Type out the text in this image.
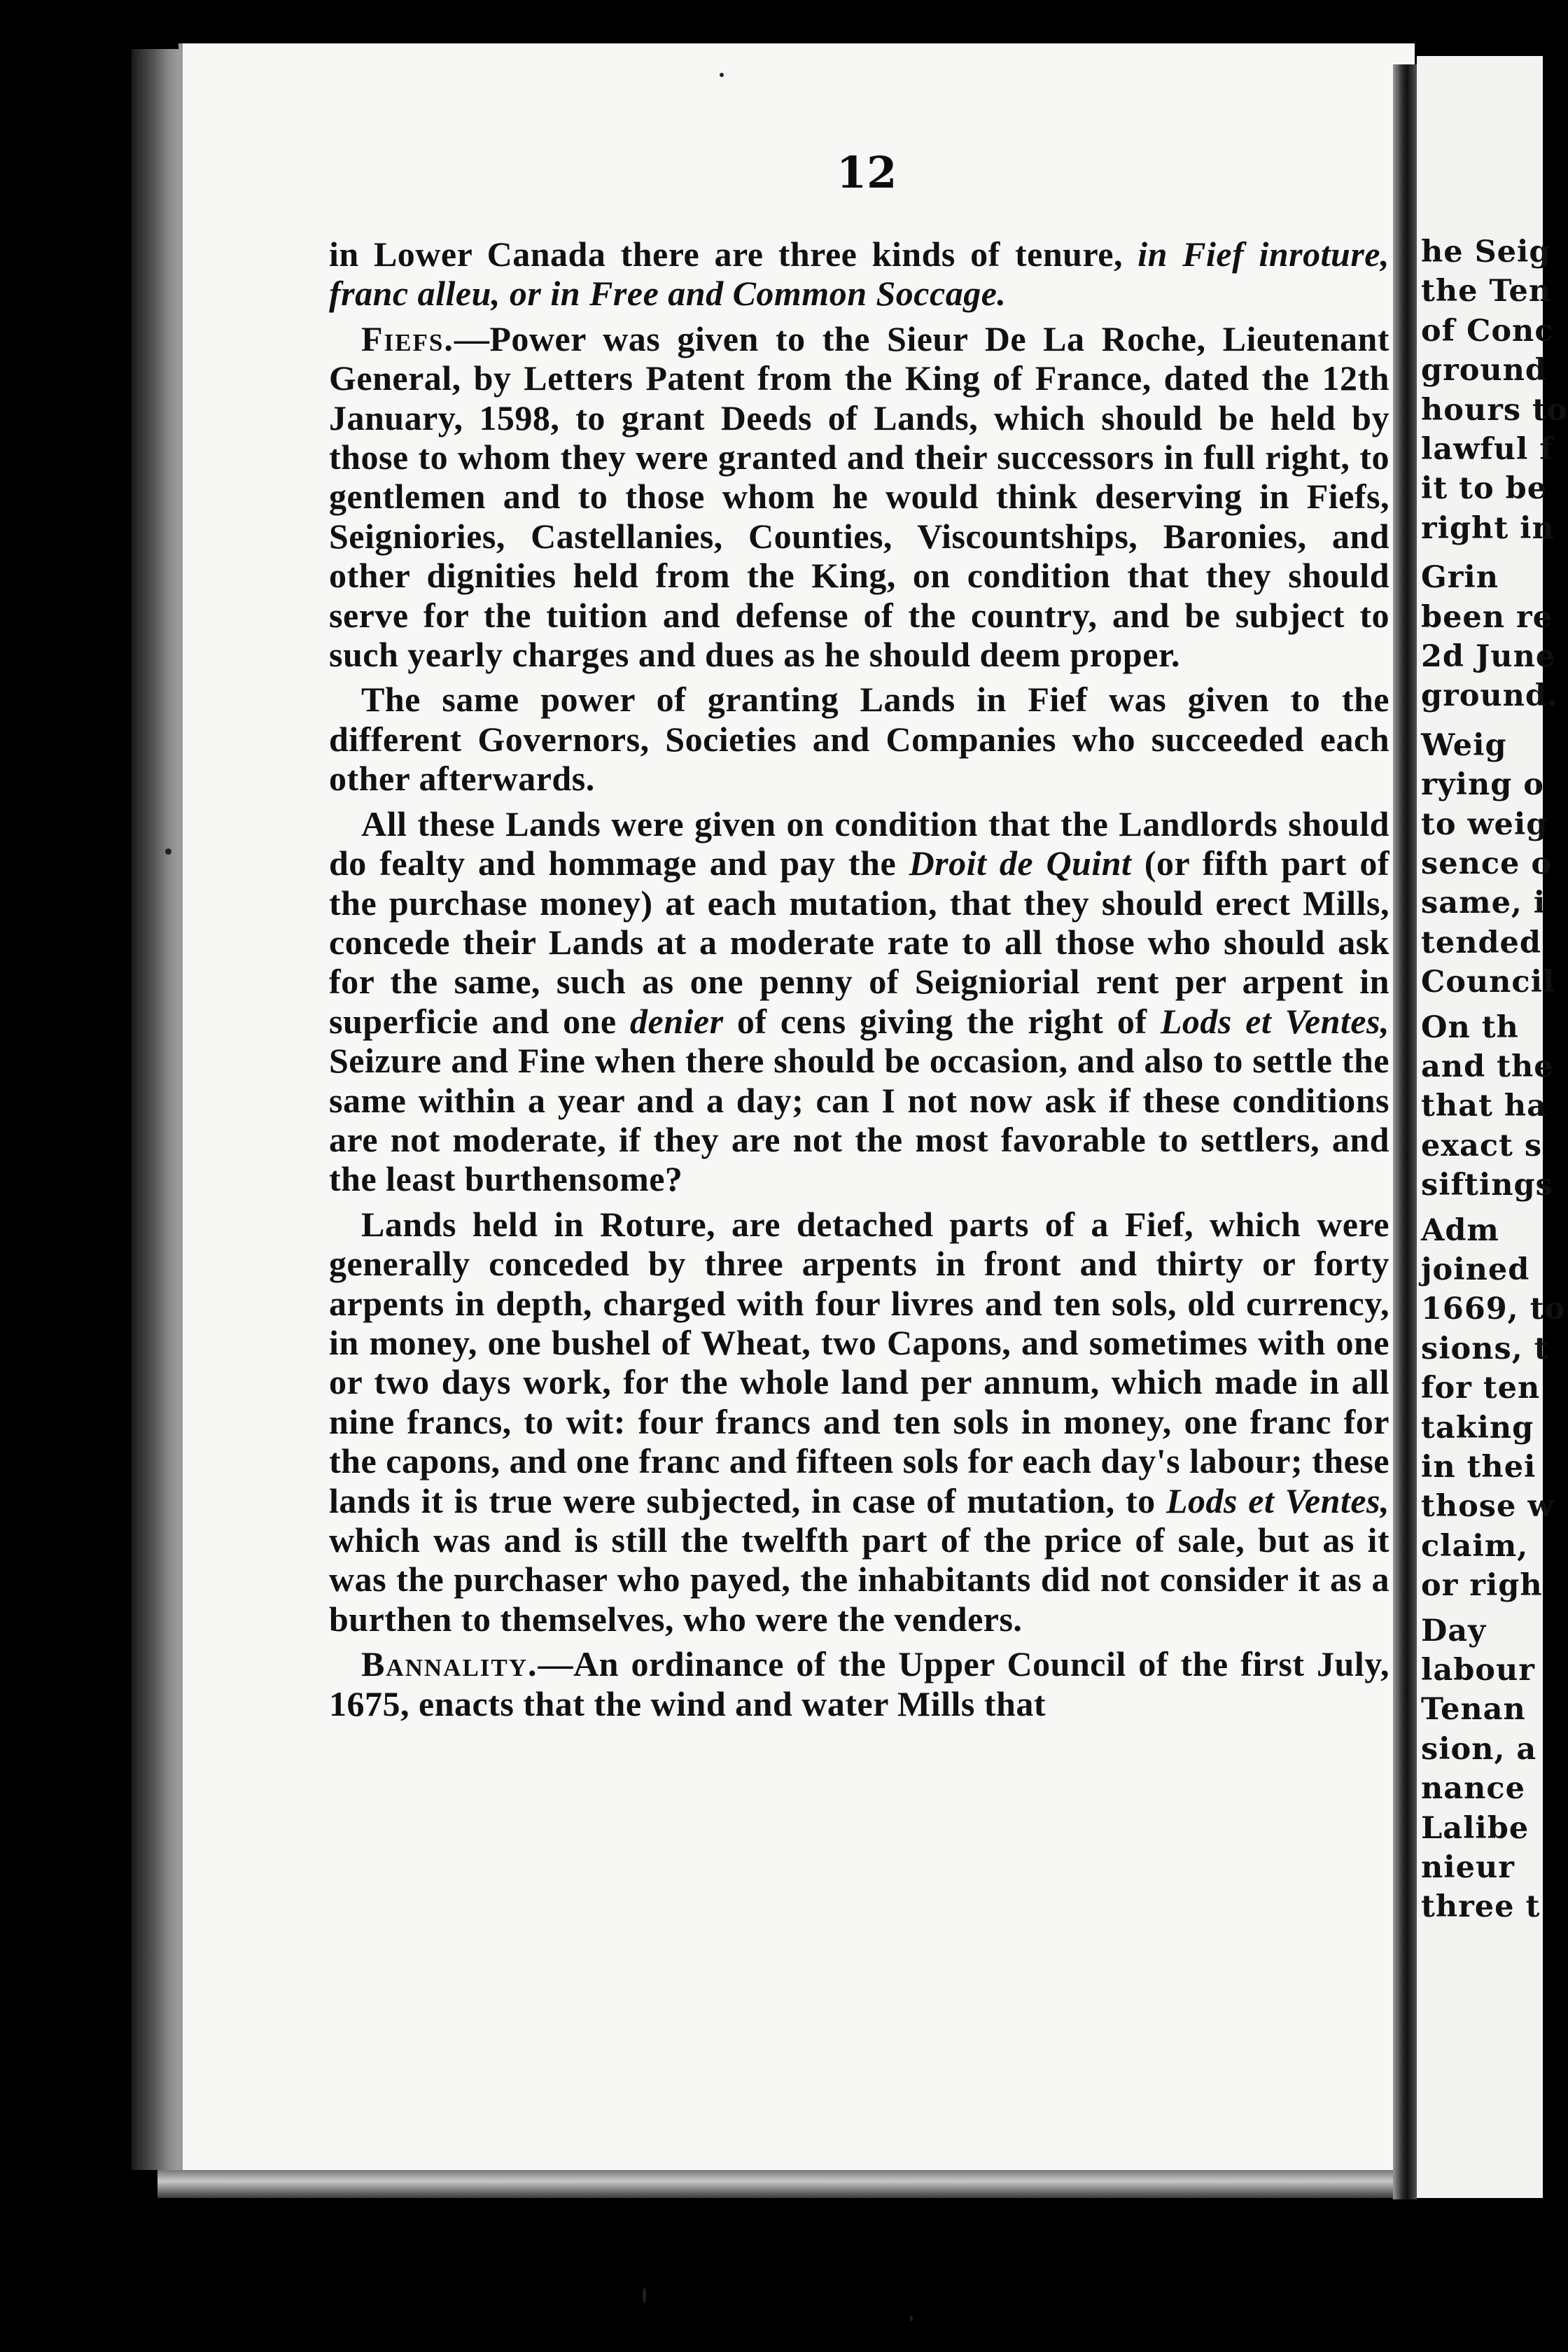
he Seig
the Ten
of Conc
ground
hours to
lawful f
it to be
right in
Grin
been re
2d June
ground.
Weig
rying o
to weig
sence o
same, i
tended
Council
On th
and the
that ha
exact s
siftings
Adm
joined
1669, to
sions, t
for ten
taking
in thei
those w
claim,
or righ
Day
labour
Tenan
sion, a
nance
Lalibe
nieur
three t
12

in Lower Canada there are three kinds of tenure, in Fief inroture, franc alleu, or in Free and Common Soccage.

Fiefs.—Power was given to the Sieur De La Roche, Lieutenant General, by Letters Patent from the King of France, dated the 12th January, 1598, to grant Deeds of Lands, which should be held by those to whom they were granted and their successors in full right, to gentlemen and to those whom he would think deserving in Fiefs, Seigniories, Castellanies, Counties, Viscountships, Baronies, and other dignities held from the King, on condition that they should serve for the tuition and defense of the country, and be subject to such yearly charges and dues as he should deem proper.

The same power of granting Lands in Fief was given to the different Governors, Societies and Companies who succeeded each other afterwards.

All these Lands were given on condition that the Landlords should do fealty and hommage and pay the Droit de Quint (or fifth part of the purchase money) at each mutation, that they should erect Mills, concede their Lands at a moderate rate to all those who should ask for the same, such as one penny of Seigniorial rent per arpent in superficie and one denier of cens giving the right of Lods et Ventes, Seizure and Fine when there should be occasion, and also to settle the same within a year and a day; can I not now ask if these conditions are not moderate, if they are not the most favorable to settlers, and the least burthensome?

Lands held in Roture, are detached parts of a Fief, which were generally conceded by three arpents in front and thirty or forty arpents in depth, charged with four livres and ten sols, old currency, in money, one bushel of Wheat, two Capons, and sometimes with one or two days work, for the whole land per annum, which made in all nine francs, to wit: four francs and ten sols in money, one franc for the capons, and one franc and fifteen sols for each day's labour; these lands it is true were subjected, in case of mutation, to Lods et Ventes, which was and is still the twelfth part of the price of sale, but as it was the purchaser who payed, the inhabitants did not consider it as a burthen to themselves, who were the venders.

Bannality.—An ordinance of the Upper Council of the first July, 1675, enacts that the wind and water Mills that
